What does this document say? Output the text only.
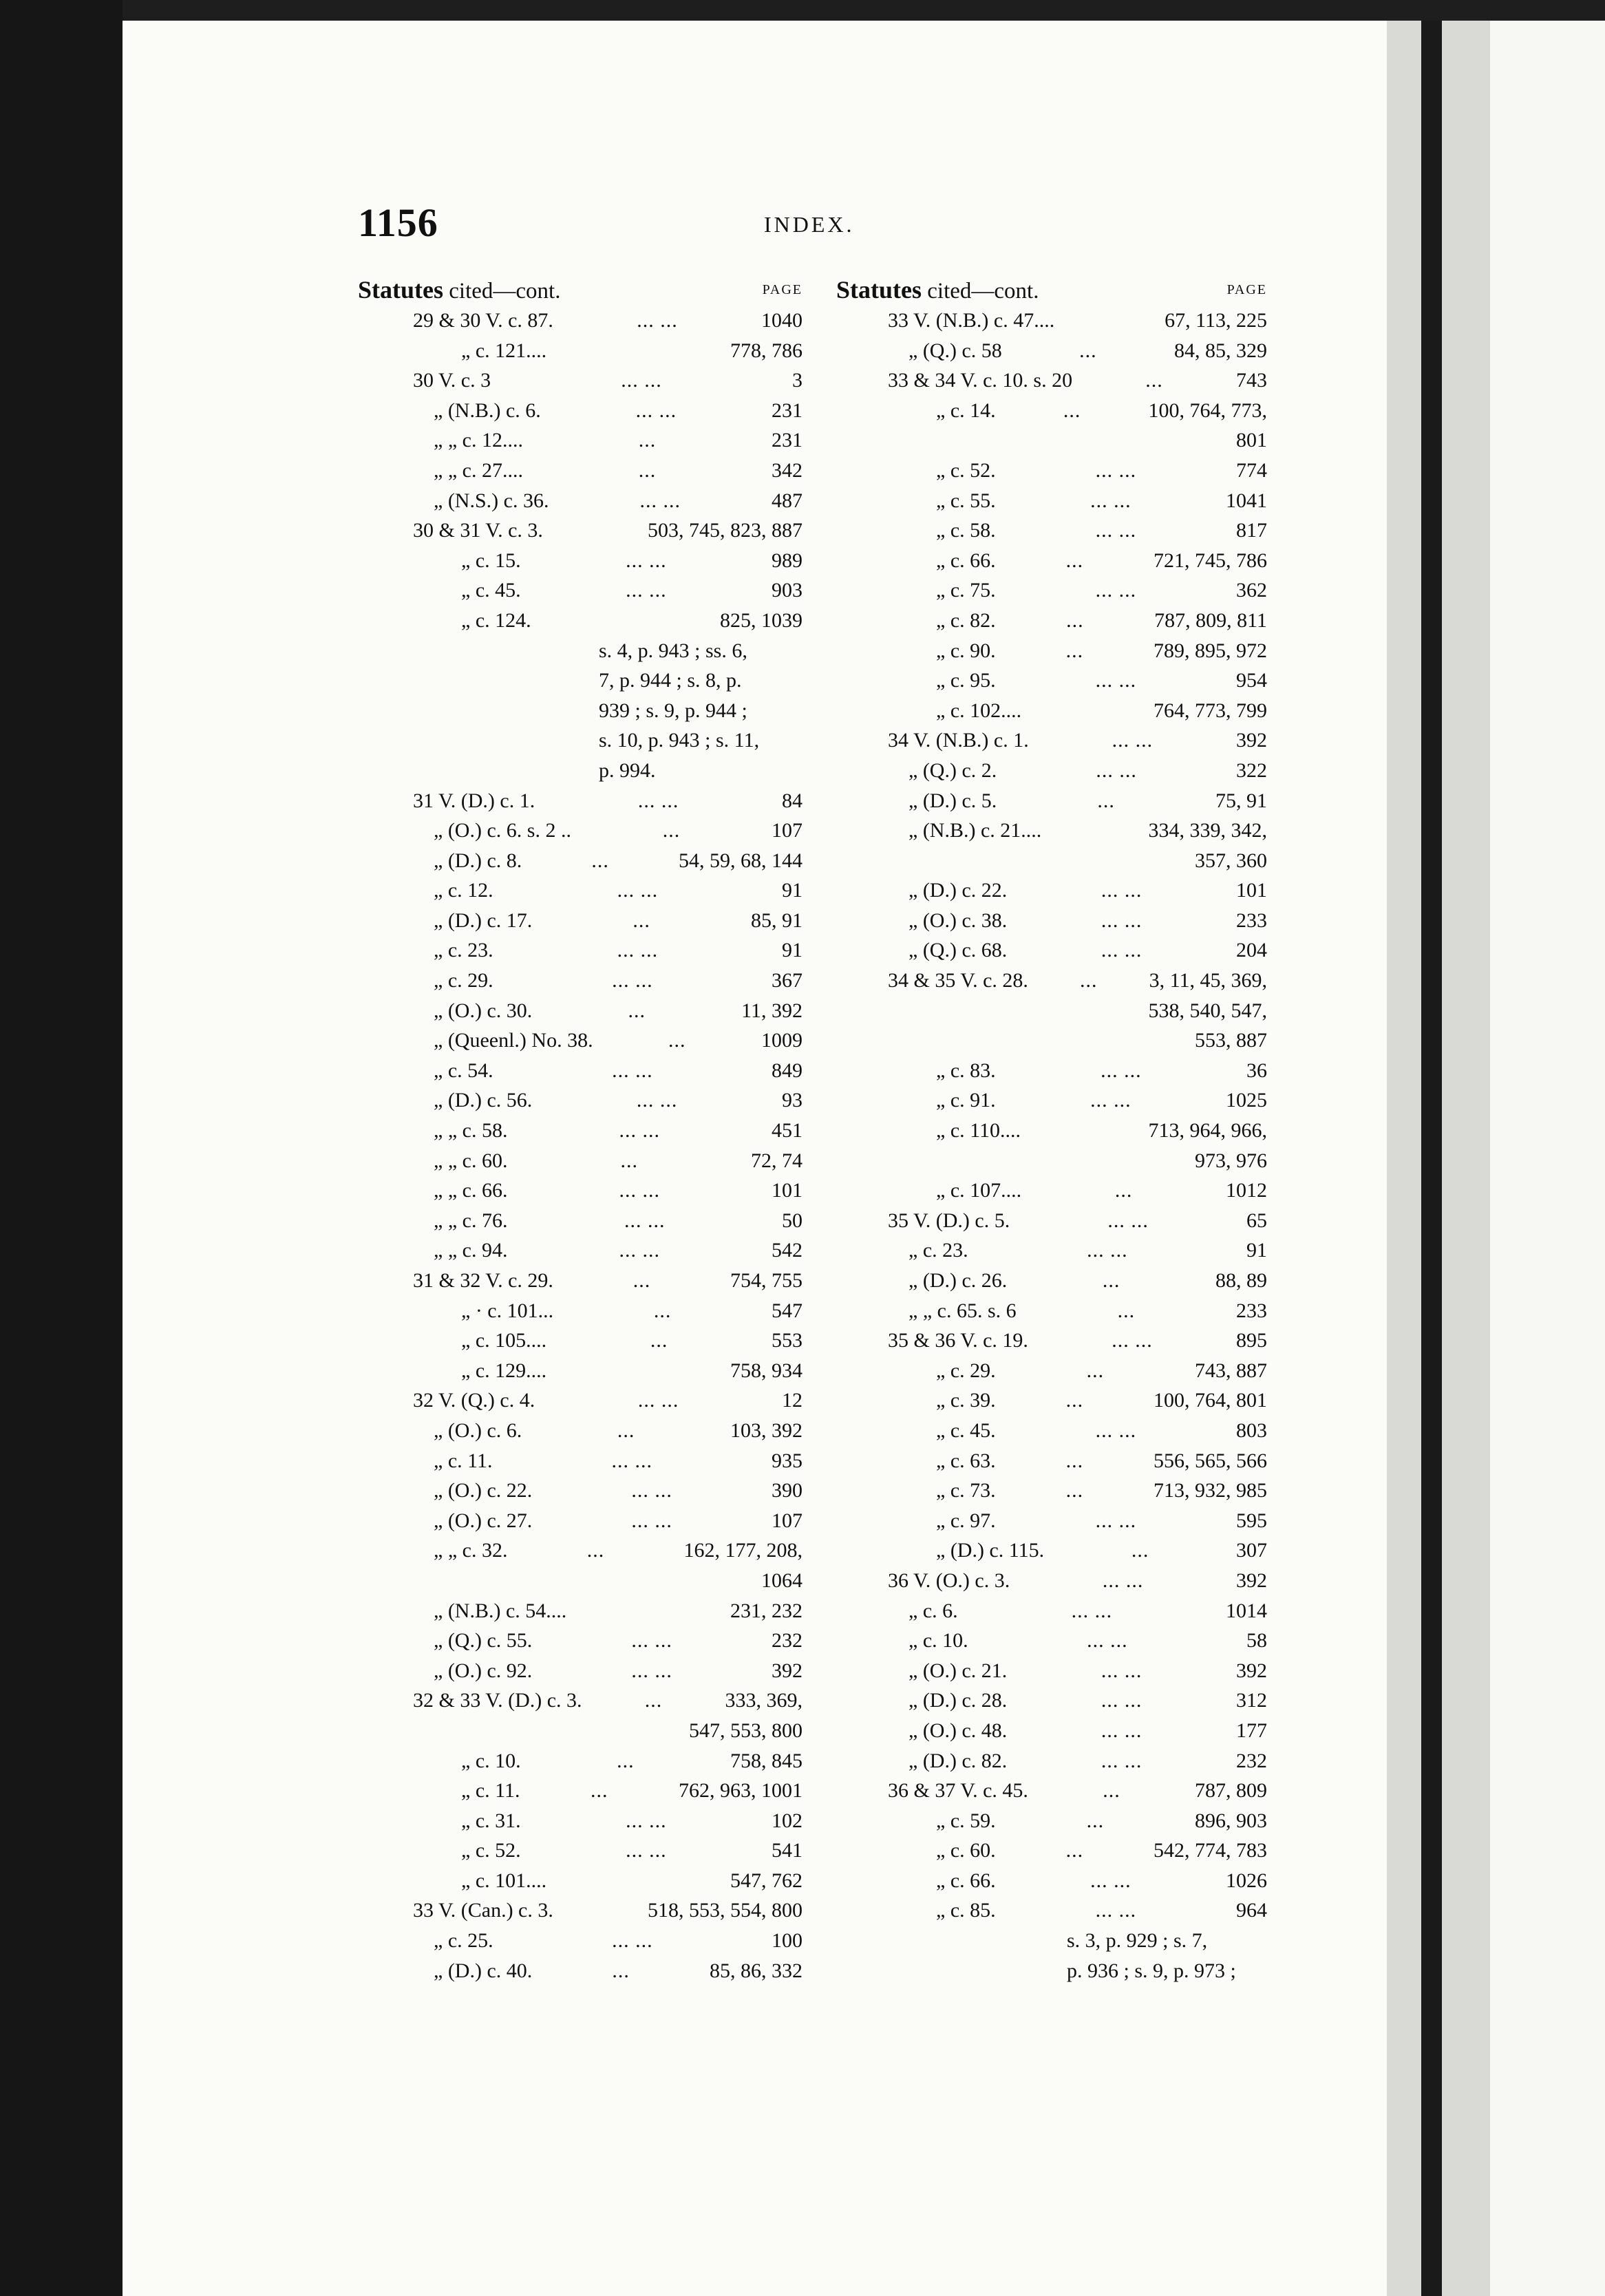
1156	INDEX.
Statutes cited—cont.	PAGE
29 & 30 V. c. 87.	... ...	1040
„ c. 121....	778, 786
30 V. c. 3	... ...	3
„ (N.B.) c. 6.	... ...	231
„ „ c. 12....	...	231
„ „ c. 27....	...	342
„ (N.S.) c. 36.	... ...	487
30 & 31 V. c. 3.	503, 745, 823, 887
„ c. 15.	... ...	989
„ c. 45.	... ...	903
„ c. 124.	825, 1039
s. 4, p. 943 ; ss. 6,
7, p. 944 ; s. 8, p.
939 ; s. 9, p. 944 ;
s. 10, p. 943 ; s. 11,
p. 994.
31 V. (D.) c. 1.	... ...	84
„ (O.) c. 6. s. 2 ..	...	107
„ (D.) c. 8.	...	54, 59, 68, 144
„ c. 12.	... ...	91
„ (D.) c. 17.	...	85, 91
„ c. 23.	... ...	91
„ c. 29.	... ...	367
„ (O.) c. 30.	...	11, 392
„ (Queenl.) No. 38.	...	1009
„ c. 54.	... ...	849
„ (D.) c. 56.	... ...	93
„ „ c. 58.	... ...	451
„ „ c. 60.	...	72, 74
„ „ c. 66.	... ...	101
„ „ c. 76.	... ...	50
„ „ c. 94.	... ...	542
31 & 32 V. c. 29.	...	754, 755
„ · c. 101...	...	547
„ c. 105....	...	553
„ c. 129....	758, 934
32 V. (Q.) c. 4.	... ...	12
„ (O.) c. 6.	...	103, 392
„ c. 11.	... ...	935
„ (O.) c. 22.	... ...	390
„ (O.) c. 27.	... ...	107
„ „ c. 32.	...	162, 177, 208,
1064
„ (N.B.) c. 54....	231, 232
„ (Q.) c. 55.	... ...	232
„ (O.) c. 92.	... ...	392
32 & 33 V. (D.) c. 3.	...	333, 369,
547, 553, 800
„ c. 10.	...	758, 845
„ c. 11.	...	762, 963, 1001
„ c. 31.	... ...	102
„ c. 52.	... ...	541
„ c. 101....	547, 762
33 V. (Can.) c. 3.	518, 553, 554, 800
„ c. 25.	... ...	100
„ (D.) c. 40.	...	85, 86, 332
Statutes cited—cont.	PAGE
33 V. (N.B.) c. 47....	67, 113, 225
„ (Q.) c. 58	...	84, 85, 329
33 & 34 V. c. 10. s. 20	...	743
„ c. 14.	...	100, 764, 773,
801
„ c. 52.	... ...	774
„ c. 55.	... ...	1041
„ c. 58.	... ...	817
„ c. 66.	...	721, 745, 786
„ c. 75.	... ...	362
„ c. 82.	...	787, 809, 811
„ c. 90.	...	789, 895, 972
„ c. 95.	... ...	954
„ c. 102....	764, 773, 799
34 V. (N.B.) c. 1.	... ...	392
„ (Q.) c. 2.	... ...	322
„ (D.) c. 5.	...	75, 91
„ (N.B.) c. 21....	334, 339, 342,
357, 360
„ (D.) c. 22.	... ...	101
„ (O.) c. 38.	... ...	233
„ (Q.) c. 68.	... ...	204
34 & 35 V. c. 28.	...	3, 11, 45, 369,
538, 540, 547,
553, 887
„ c. 83.	... ...	36
„ c. 91.	... ...	1025
„ c. 110....	713, 964, 966,
973, 976
„ c. 107....	...	1012
35 V. (D.) c. 5.	... ...	65
„ c. 23.	... ...	91
„ (D.) c. 26.	...	88, 89
„ „ c. 65. s. 6	...	233
35 & 36 V. c. 19.	... ...	895
„ c. 29.	...	743, 887
„ c. 39.	...	100, 764, 801
„ c. 45.	... ...	803
„ c. 63.	...	556, 565, 566
„ c. 73.	...	713, 932, 985
„ c. 97.	... ...	595
„ (D.) c. 115.	...	307
36 V. (O.) c. 3.	... ...	392
„ c. 6.	... ...	1014
„ c. 10.	... ...	58
„ (O.) c. 21.	... ...	392
„ (D.) c. 28.	... ...	312
„ (O.) c. 48.	... ...	177
„ (D.) c. 82.	... ...	232
36 & 37 V. c. 45.	...	787, 809
„ c. 59.	...	896, 903
„ c. 60.	...	542, 774, 783
„ c. 66.	... ...	1026
„ c. 85.	... ...	964
s. 3, p. 929 ; s. 7,
p. 936 ; s. 9, p. 973 ;
